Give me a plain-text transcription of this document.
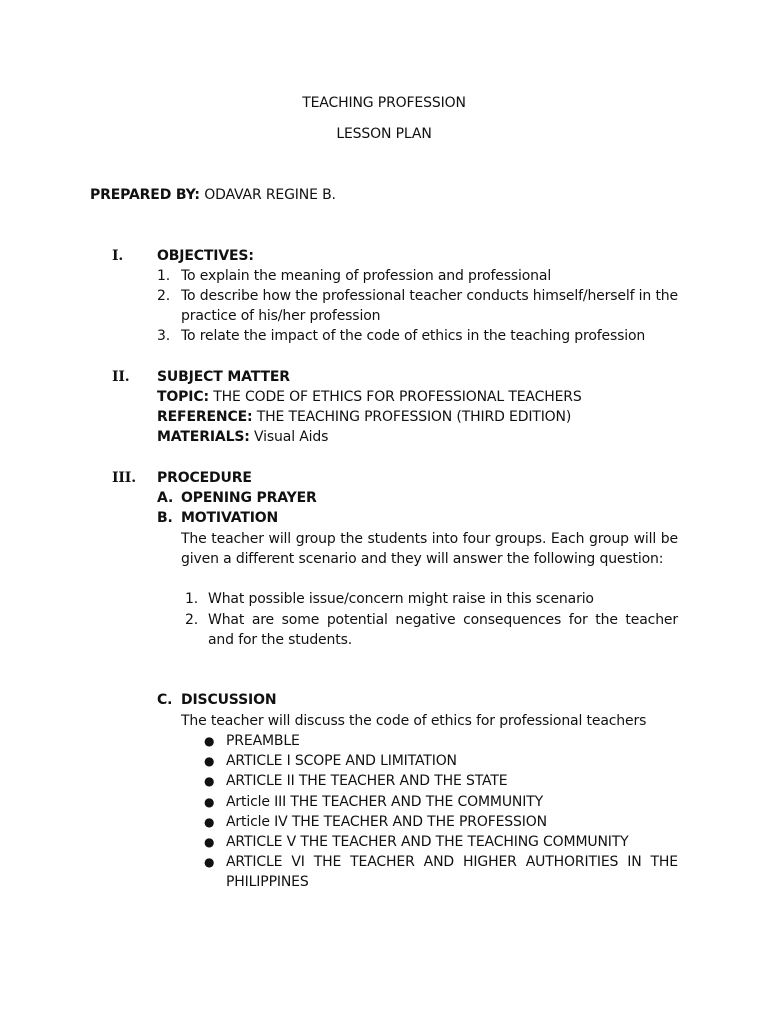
TEACHING PROFESSION
LESSON PLAN
PREPARED BY: ODAVAR REGINE B.
I. OBJECTIVES:
1. To explain the meaning of profession and professional
2. To describe how the professional teacher conducts himself/herself in the practice of his/her profession
3. To relate the impact of the code of ethics in the teaching profession
II. SUBJECT MATTER
TOPIC: THE CODE OF ETHICS FOR PROFESSIONAL TEACHERS
REFERENCE: THE TEACHING PROFESSION (THIRD EDITION)
MATERIALS: Visual Aids
III. PROCEDURE
A. OPENING PRAYER
B. MOTIVATION
The teacher will group the students into four groups. Each group will be given a different scenario and they will answer the following question:
1. What possible issue/concern might raise in this scenario
2. What are some potential negative consequences for the teacher and for the students.
C. DISCUSSION
The teacher will discuss the code of ethics for professional teachers
● PREAMBLE
● ARTICLE I SCOPE AND LIMITATION
● ARTICLE II THE TEACHER AND THE STATE
● Article III THE TEACHER AND THE COMMUNITY
● Article IV THE TEACHER AND THE PROFESSION
● ARTICLE V THE TEACHER AND THE TEACHING COMMUNITY
● ARTICLE VI THE TEACHER AND HIGHER AUTHORITIES IN THE PHILIPPINES
